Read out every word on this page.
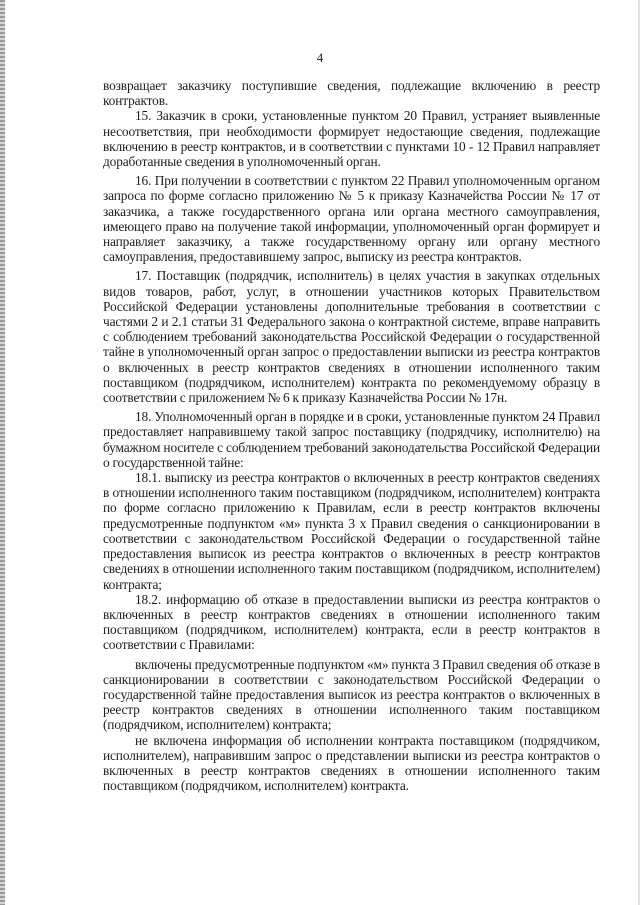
4

возвращает заказчику поступившие сведения, подлежащие включению в реестр контрактов.

15. Заказчик в сроки, установленные пунктом 20 Правил, устраняет выявленные несоответствия, при необходимости формирует недостающие сведения, подлежащие включению в реестр контрактов, и в соответствии с пунктами 10 - 12 Правил направляет доработанные сведения в уполномоченный орган.

16. При получении в соответствии с пунктом 22 Правил уполномоченным органом запроса по форме согласно приложению № 5 к приказу Казначейства России № 17 от заказчика, а также государственного органа или органа местного самоуправления, имеющего право на получение такой информации, уполномоченный орган формирует и направляет заказчику, а также государственному органу или органу местного самоуправления, предоставившему запрос, выписку из реестра контрактов.

17. Поставщик (подрядчик, исполнитель) в целях участия в закупках отдельных видов товаров, работ, услуг, в отношении участников которых Правительством Российской Федерации установлены дополнительные требования в соответствии с частями 2 и 2.1 статьи 31 Федерального закона о контрактной системе, вправе направить с соблюдением требований законодательства Российской Федерации о государственной тайне в уполномоченный орган запрос о предоставлении выписки из реестра контрактов о включенных в реестр контрактов сведениях в отношении исполненного таким поставщиком (подрядчиком, исполнителем) контракта по рекомендуемому образцу в соответствии с приложением № 6 к приказу Казначейства России № 17н.

18. Уполномоченный орган в порядке и в сроки, установленные пунктом 24 Правил предоставляет направившему такой запрос поставщику (подрядчику, исполнителю) на бумажном носителе с соблюдением требований законодательства Российской Федерации о государственной тайне:

18.1. выписку из реестра контрактов о включенных в реестр контрактов сведениях в отношении исполненного таким поставщиком (подрядчиком, исполнителем) контракта по форме согласно приложению к Правилам, если в реестр контрактов включены предусмотренные подпунктом «м» пункта 3 х Правил сведения о санкционировании в соответствии с законодательством Российской Федерации о государственной тайне предоставления выписок из реестра контрактов о включенных в реестр контрактов сведениях в отношении исполненного таким поставщиком (подрядчиком, исполнителем) контракта;

18.2. информацию об отказе в предоставлении выписки из реестра контрактов о включенных в реестр контрактов сведениях в отношении исполненного таким поставщиком (подрядчиком, исполнителем) контракта, если в реестр контрактов в соответствии с Правилами:

включены предусмотренные подпунктом «м» пункта 3 Правил сведения об отказе в санкционировании в соответствии с законодательством Российской Федерации о государственной тайне предоставления выписок из реестра контрактов о включенных в реестр контрактов сведениях в отношении исполненного таким поставщиком (подрядчиком, исполнителем) контракта;

не включена информация об исполнении контракта поставщиком (подрядчиком, исполнителем), направившим запрос о представлении выписки из реестра контрактов о включенных в реестр контрактов сведениях в отношении исполненного таким поставщиком (подрядчиком, исполнителем) контракта.
